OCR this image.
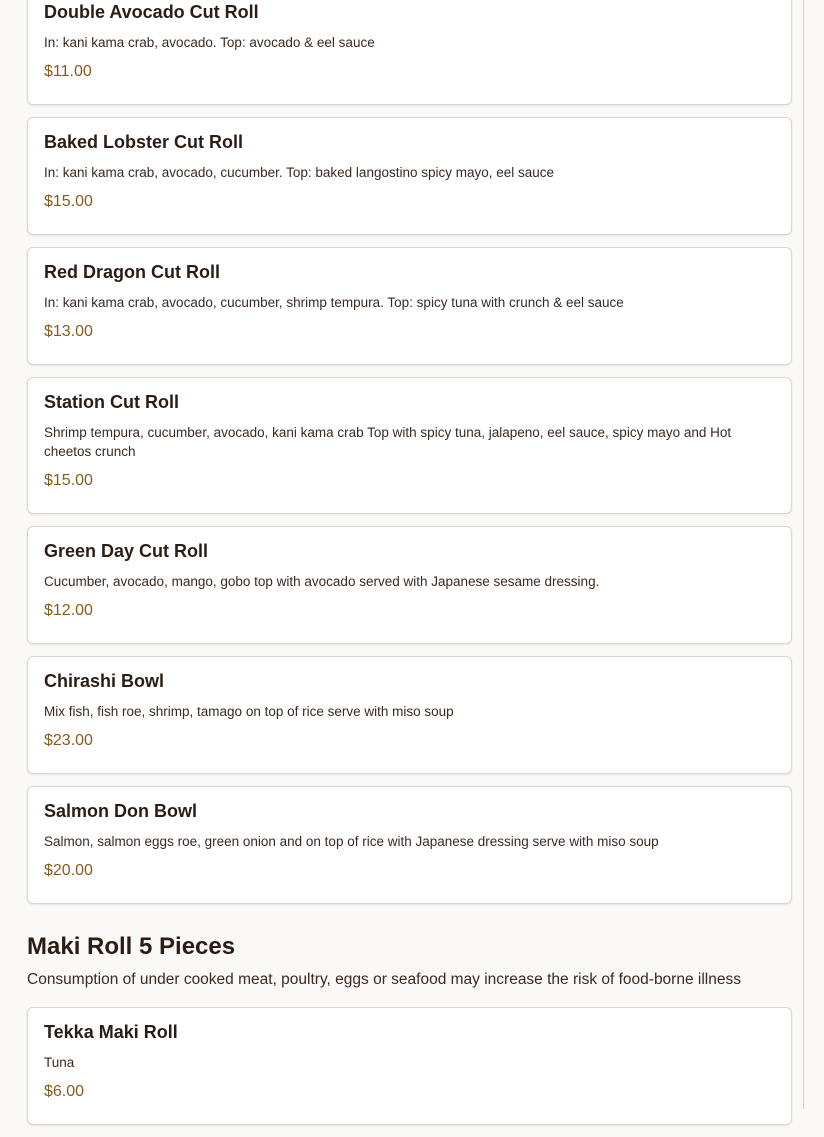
Double Avocado Cut Roll
In: kani kama crab, avocado. Top: avocado & eel sauce
$11.00
Baked Lobster Cut Roll
In: kani kama crab, avocado, cucumber. Top: baked langostino spicy mayo, eel sauce
$15.00
Red Dragon Cut Roll
In: kani kama crab, avocado, cucumber, shrimp tempura. Top: spicy tuna with crunch & eel sauce
$13.00
Station Cut Roll
Shrimp tempura, cucumber, avocado, kani kama crab Top with spicy tuna, jalapeno, eel sauce, spicy mayo and Hot cheetos crunch
$15.00
Green Day Cut Roll
Cucumber, avocado, mango, gobo top with avocado served with Japanese sesame dressing.
$12.00
Chirashi Bowl
Mix fish, fish roe, shrimp, tamago on top of rice serve with miso soup
$23.00
Salmon Don Bowl
Salmon, salmon eggs roe, green onion and on top of rice with Japanese dressing serve with miso soup
$20.00
Maki Roll 5 Pieces
Consumption of under cooked meat, poultry, eggs or seafood may increase the risk of food-borne illness
Tekka Maki Roll
Tuna
$6.00
